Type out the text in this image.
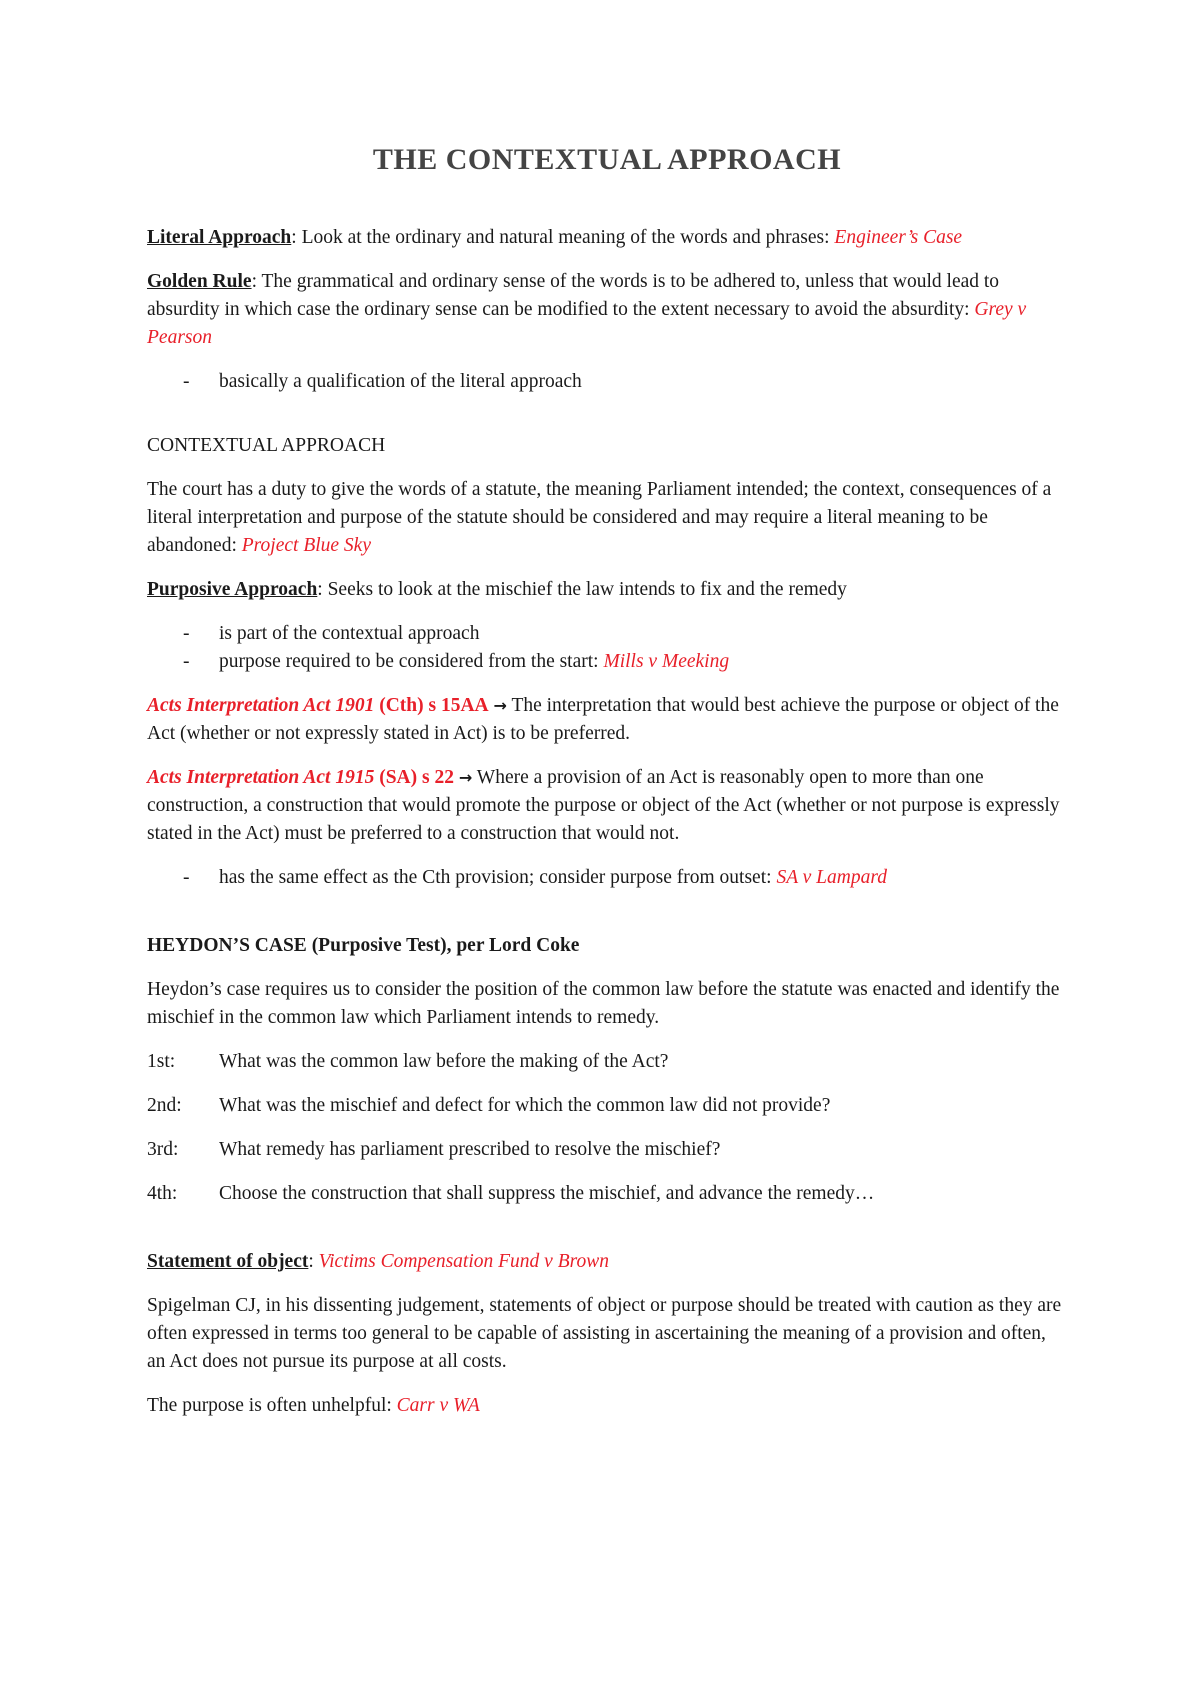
THE CONTEXTUAL APPROACH

Literal Approach: Look at the ordinary and natural meaning of the words and phrases: Engineer’s Case

Golden Rule: The grammatical and ordinary sense of the words is to be adhered to, unless that would lead to absurdity in which case the ordinary sense can be modified to the extent necessary to avoid the absurdity: Grey v Pearson

- basically a qualification of the literal approach

CONTEXTUAL APPROACH

The court has a duty to give the words of a statute, the meaning Parliament intended; the context, consequences of a literal interpretation and purpose of the statute should be considered and may require a literal meaning to be abandoned: Project Blue Sky

Purposive Approach: Seeks to look at the mischief the law intends to fix and the remedy

- is part of the contextual approach
- purpose required to be considered from the start: Mills v Meeking

Acts Interpretation Act 1901 (Cth) s 15AA → The interpretation that would best achieve the purpose or object of the Act (whether or not expressly stated in Act) is to be preferred.

Acts Interpretation Act 1915 (SA) s 22 → Where a provision of an Act is reasonably open to more than one construction, a construction that would promote the purpose or object of the Act (whether or not purpose is expressly stated in the Act) must be preferred to a construction that would not.

- has the same effect as the Cth provision; consider purpose from outset: SA v Lampard

HEYDON’S CASE (Purposive Test), per Lord Coke

Heydon’s case requires us to consider the position of the common law before the statute was enacted and identify the mischief in the common law which Parliament intends to remedy.

1st:	What was the common law before the making of the Act?
2nd:	What was the mischief and defect for which the common law did not provide?
3rd:	What remedy has parliament prescribed to resolve the mischief?
4th:	Choose the construction that shall suppress the mischief, and advance the remedy…

Statement of object: Victims Compensation Fund v Brown

Spigelman CJ, in his dissenting judgement, statements of object or purpose should be treated with caution as they are often expressed in terms too general to be capable of assisting in ascertaining the meaning of a provision and often, an Act does not pursue its purpose at all costs.

The purpose is often unhelpful: Carr v WA
